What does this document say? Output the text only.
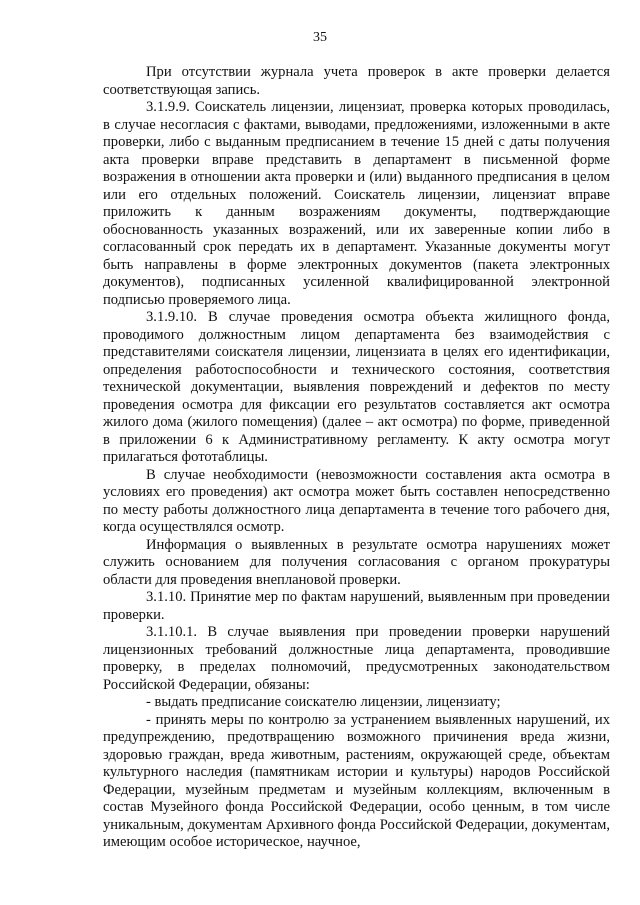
35

При отсутствии журнала учета проверок в акте проверки делается соответствующая запись.

3.1.9.9. Соискатель лицензии, лицензиат, проверка которых проводилась, в случае несогласия с фактами, выводами, предложениями, изложенными в акте проверки, либо с выданным предписанием в течение 15 дней с даты получения акта проверки вправе представить в департамент в письменной форме возражения в отношении акта проверки и (или) выданного предписания в целом или его отдельных положений. Соискатель лицензии, лицензиат вправе приложить к данным возражениям документы, подтверждающие обоснованность указанных возражений, или их заверенные копии либо в согласованный срок передать их в департамент. Указанные документы могут быть направлены в форме электронных документов (пакета электронных документов), подписанных усиленной квалифицированной электронной подписью проверяемого лица.

3.1.9.10. В случае проведения осмотра объекта жилищного фонда, проводимого должностным лицом департамента без взаимодействия с представителями соискателя лицензии, лицензиата в целях его идентификации, определения работоспособности и технического состояния, соответствия технической документации, выявления повреждений и дефектов по месту проведения осмотра для фиксации его результатов составляется акт осмотра жилого дома (жилого помещения) (далее – акт осмотра) по форме, приведенной в приложении 6 к Административному регламенту. К акту осмотра могут прилагаться фототаблицы.

В случае необходимости (невозможности составления акта осмотра в условиях его проведения) акт осмотра может быть составлен непосредственно по месту работы должностного лица департамента в течение того рабочего дня, когда осуществлялся осмотр.

Информация о выявленных в результате осмотра нарушениях может служить основанием для получения согласования с органом прокуратуры области для проведения внеплановой проверки.

3.1.10. Принятие мер по фактам нарушений, выявленным при проведении проверки.

3.1.10.1. В случае выявления при проведении проверки нарушений лицензионных требований должностные лица департамента, проводившие проверку, в пределах полномочий, предусмотренных законодательством Российской Федерации, обязаны:

- выдать предписание соискателю лицензии, лицензиату;

- принять меры по контролю за устранением выявленных нарушений, их предупреждению, предотвращению возможного причинения вреда жизни, здоровью граждан, вреда животным, растениям, окружающей среде, объектам культурного наследия (памятникам истории и культуры) народов Российской Федерации, музейным предметам и музейным коллекциям, включенным в состав Музейного фонда Российской Федерации, особо ценным, в том числе уникальным, документам Архивного фонда Российской Федерации, документам, имеющим особое историческое, научное,
